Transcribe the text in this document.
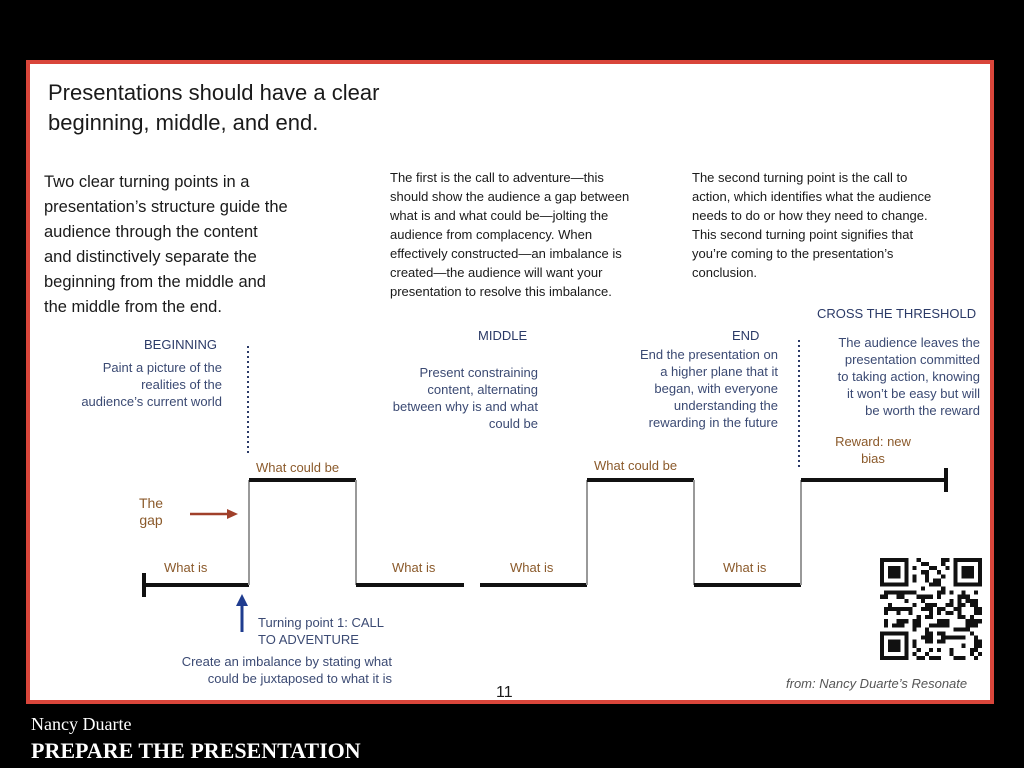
Presentations should have a clear
beginning, middle, and end.
Two clear turning points in a
presentation’s structure guide the
audience through the content
and distinctively separate the
beginning from the middle and
the middle from the end.
The first is the call to adventure—this
should show the audience a gap between
what is and what could be—jolting the
audience from complacency. When
effectively constructed—an imbalance is
created—the audience will want your
presentation to resolve this imbalance.
The second turning point is the call to
action, which identifies what the audience
needs to do or how they need to change.
This second turning point signifies that
you’re coming to the presentation’s
conclusion.
BEGINNING
Paint a picture of the
realities of the
audience’s current world
MIDDLE
Present constraining
content, alternating
between why is and what
could be
END
End the presentation on
a higher plane that it
began, with everyone
understanding the
rewarding in the future
CROSS THE THRESHOLD
The audience leaves the
presentation committed
to taking action, knowing
it won’t be easy but will
be worth the reward
Reward: new
bias
What could be	What could be
What is	What is	What is	What is
The
gap
Turning point 1: CALL
TO ADVENTURE
Create an imbalance by stating what
could be juxtaposed to what it is
11
from: Nancy Duarte’s Resonate
Nancy Duarte
PREPARE THE PRESENTATION
